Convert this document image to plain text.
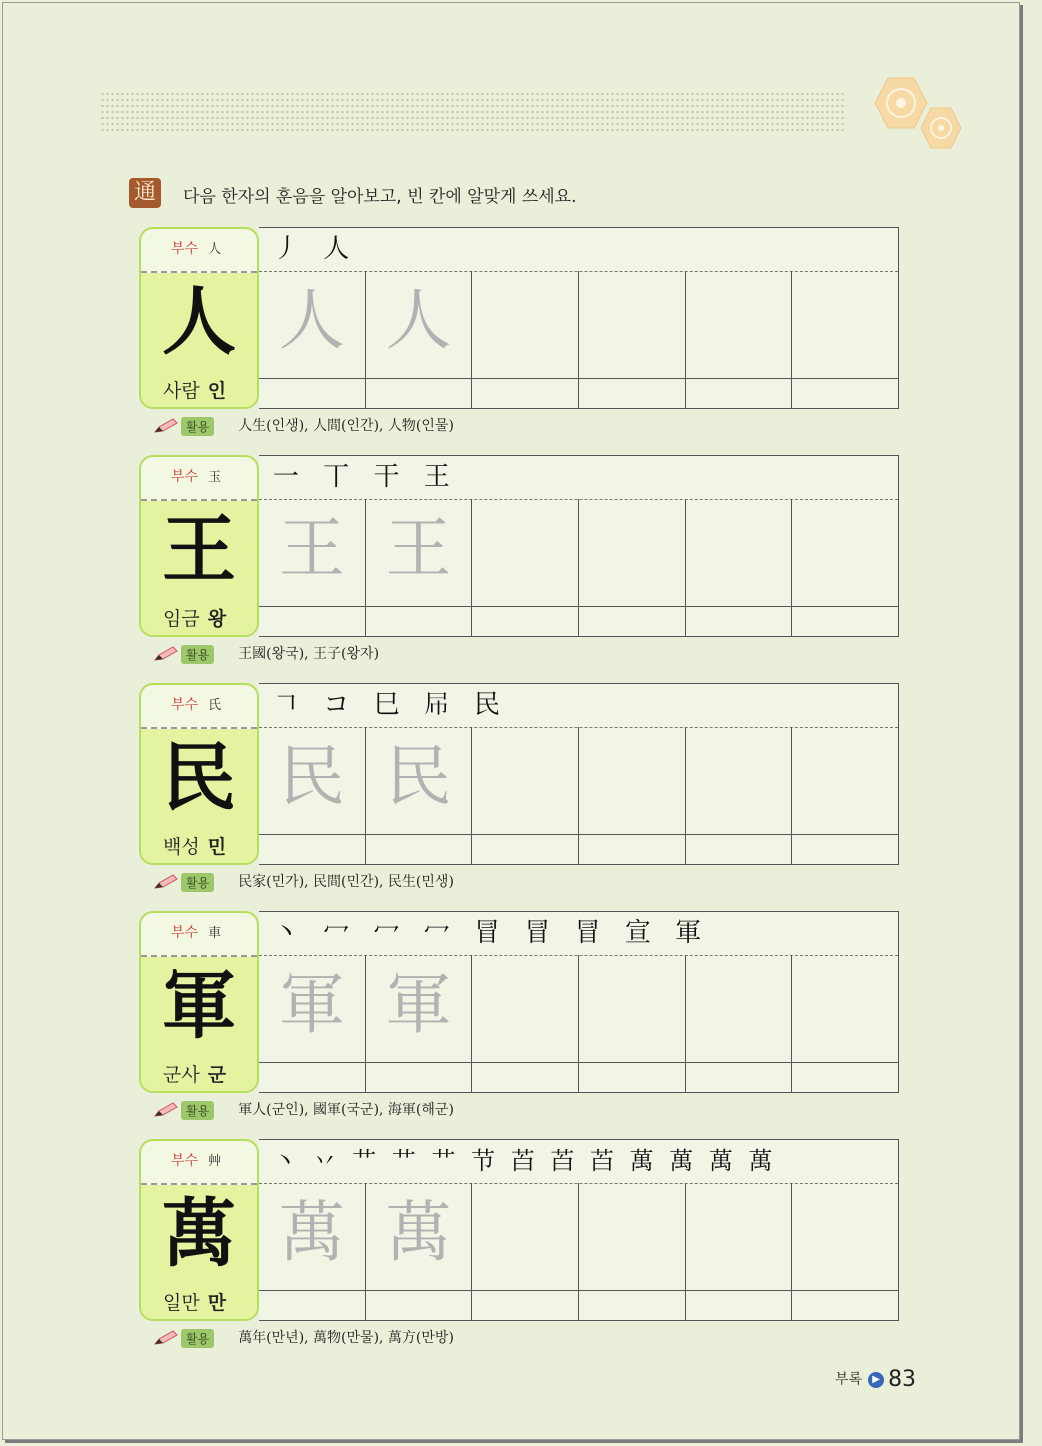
通 다음 한자의 훈음을 알아보고, 빈 칸에 알맞게 쓰세요.
부수 人
人
사람 인
丿 人
人 人
활용 人生(인생), 人間(인간), 人物(인물)
부수 玉
王
임금 왕
一 丅 干 王
王 王
활용 王國(왕국), 王子(왕자)
부수 氏
民
백성 민
𠃍 コ 巳 𡰯 民
民 民
활용 民家(민가), 民間(민간), 民生(민생)
부수 車
軍
군사 군
丶 冖 冖 冖 冒 冒 冒 宣 軍
軍 軍
활용 軍人(군인), 國軍(국군), 海軍(해군)
부수 艸
萬
일만 만
丶 丷 艹 艹 艹 节 苩 苩 苩 萬 萬 萬 萬
萬 萬
활용 萬年(만년), 萬物(만물), 萬方(만방)
부록 ▶ 83
